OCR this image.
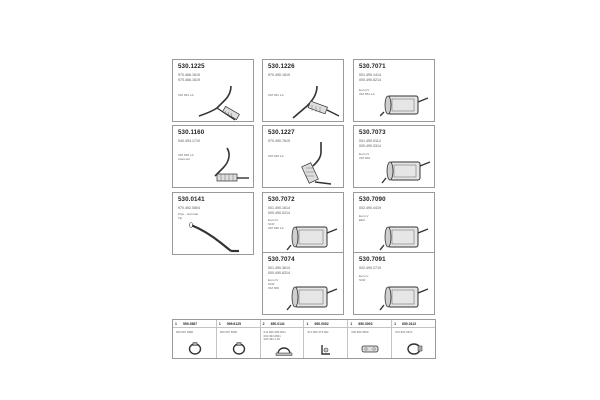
530.1225
970.466.1619
970.466.1619
OM 651 LA
530.1226
970.490.1619
OM 651 LA
530.7071
001.490.1414
000.490.6214
Euro IV
OM 651 LA
530.1160
940.493.1710
OM 926 LA
Intercool
530.1227
970.490.7619
OM 926 LA
530.7073
001.490.9114
000.490.3314
Euro IV
OM 904
530.0141
970.492.0804
Pipe - terminal
Tip
530.7072
001.490.1614
000.490.0214
Euro IV
SCR
OM 926 LA
530.7090
002.490.4419
Euro V
EEV
530.7074
001.490.3614
000.490.6314
Euro IV
SCR
OM 906
530.7091
002.490.2719
Euro V
SCR
1 599.3567
000.997 9990
1 599.6125
000.997 6990
2 650.0141
011.990 399 0611
000.492.0841
000.492.1.40
1 650.0002
971.990 373.002
1 650.3003
000.990.3590
1 650.0112
970.990 0310
